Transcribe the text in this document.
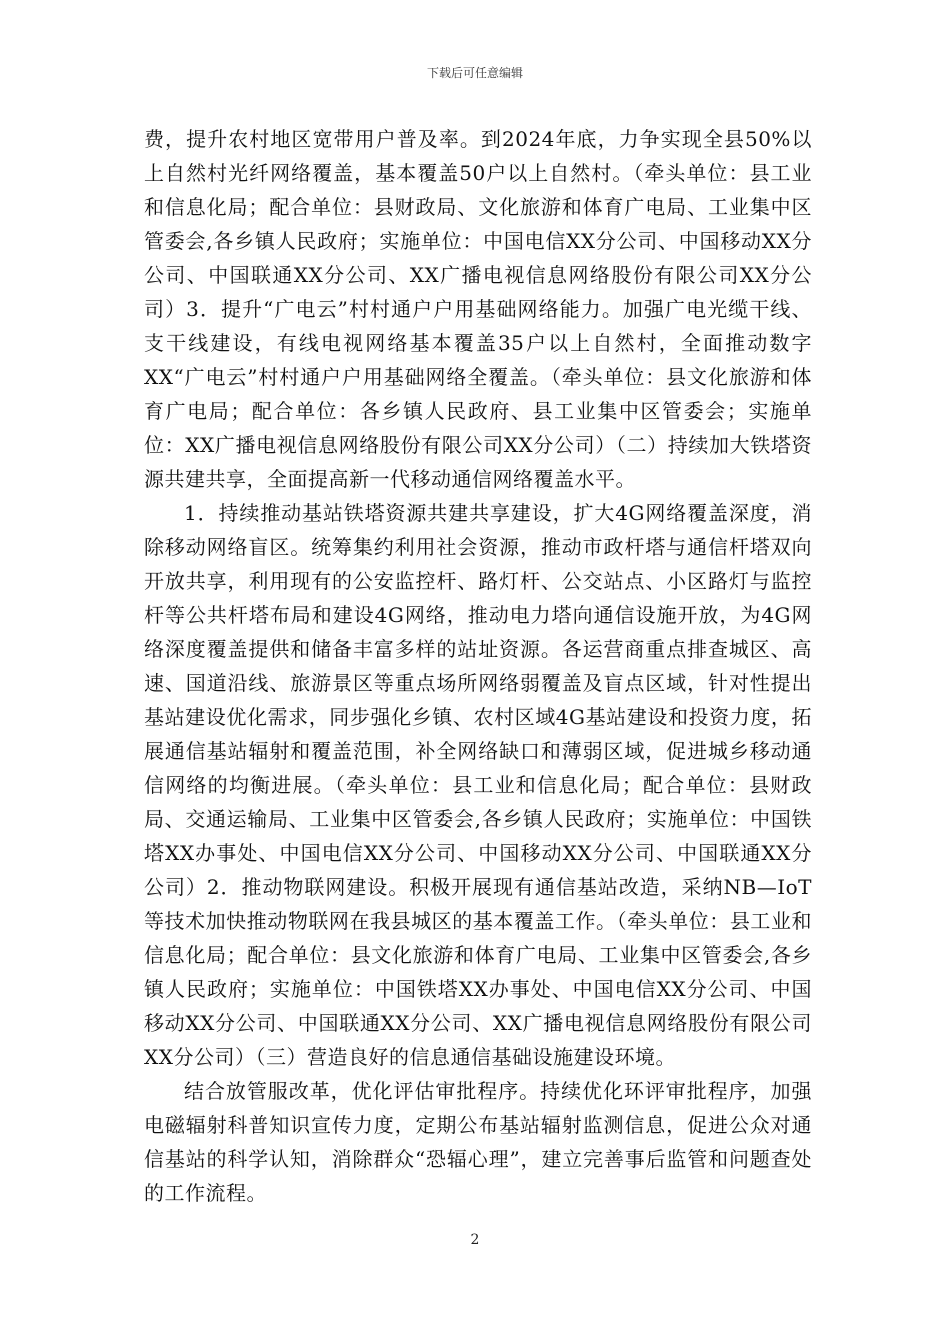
下载后可任意编辑

费，提升农村地区宽带用户普及率。到2024年底，力争实现全县50%以上自然村光纤网络覆盖，基本覆盖50户以上自然村。（牵头单位：县工业和信息化局；配合单位：县财政局、文化旅游和体育广电局、工业集中区管委会,各乡镇人民政府；实施单位：中国电信XX分公司、中国移动XX分公司、中国联通XX分公司、XX广播电视信息网络股份有限公司XX分公司）3．提升“广电云”村村通户户用基础网络能力。加强广电光缆干线、支干线建设，有线电视网络基本覆盖35户以上自然村，全面推动数字XX“广电云”村村通户户用基础网络全覆盖。（牵头单位：县文化旅游和体育广电局；配合单位：各乡镇人民政府、县工业集中区管委会；实施单位：XX广播电视信息网络股份有限公司XX分公司）（二）持续加大铁塔资源共建共享，全面提高新一代移动通信网络覆盖水平。

1．持续推动基站铁塔资源共建共享建设，扩大4G网络覆盖深度，消除移动网络盲区。统筹集约利用社会资源，推动市政杆塔与通信杆塔双向开放共享，利用现有的公安监控杆、路灯杆、公交站点、小区路灯与监控杆等公共杆塔布局和建设4G网络，推动电力塔向通信设施开放，为4G网络深度覆盖提供和储备丰富多样的站址资源。各运营商重点排查城区、高速、国道沿线、旅游景区等重点场所网络弱覆盖及盲点区域，针对性提出基站建设优化需求，同步强化乡镇、农村区域4G基站建设和投资力度，拓展通信基站辐射和覆盖范围，补全网络缺口和薄弱区域，促进城乡移动通信网络的均衡进展。（牵头单位：县工业和信息化局；配合单位：县财政局、交通运输局、工业集中区管委会,各乡镇人民政府；实施单位：中国铁塔XX办事处、中国电信XX分公司、中国移动XX分公司、中国联通XX分公司）2．推动物联网建设。积极开展现有通信基站改造，采纳NB—IoT等技术加快推动物联网在我县城区的基本覆盖工作。（牵头单位：县工业和信息化局；配合单位：县文化旅游和体育广电局、工业集中区管委会,各乡镇人民政府；实施单位：中国铁塔XX办事处、中国电信XX分公司、中国移动XX分公司、中国联通XX分公司、XX广播电视信息网络股份有限公司XX分公司）（三）营造良好的信息通信基础设施建设环境。

结合放管服改革，优化评估审批程序。持续优化环评审批程序，加强电磁辐射科普知识宣传力度，定期公布基站辐射监测信息，促进公众对通信基站的科学认知，消除群众“恐辐心理”，建立完善事后监管和问题查处的工作流程。

2
